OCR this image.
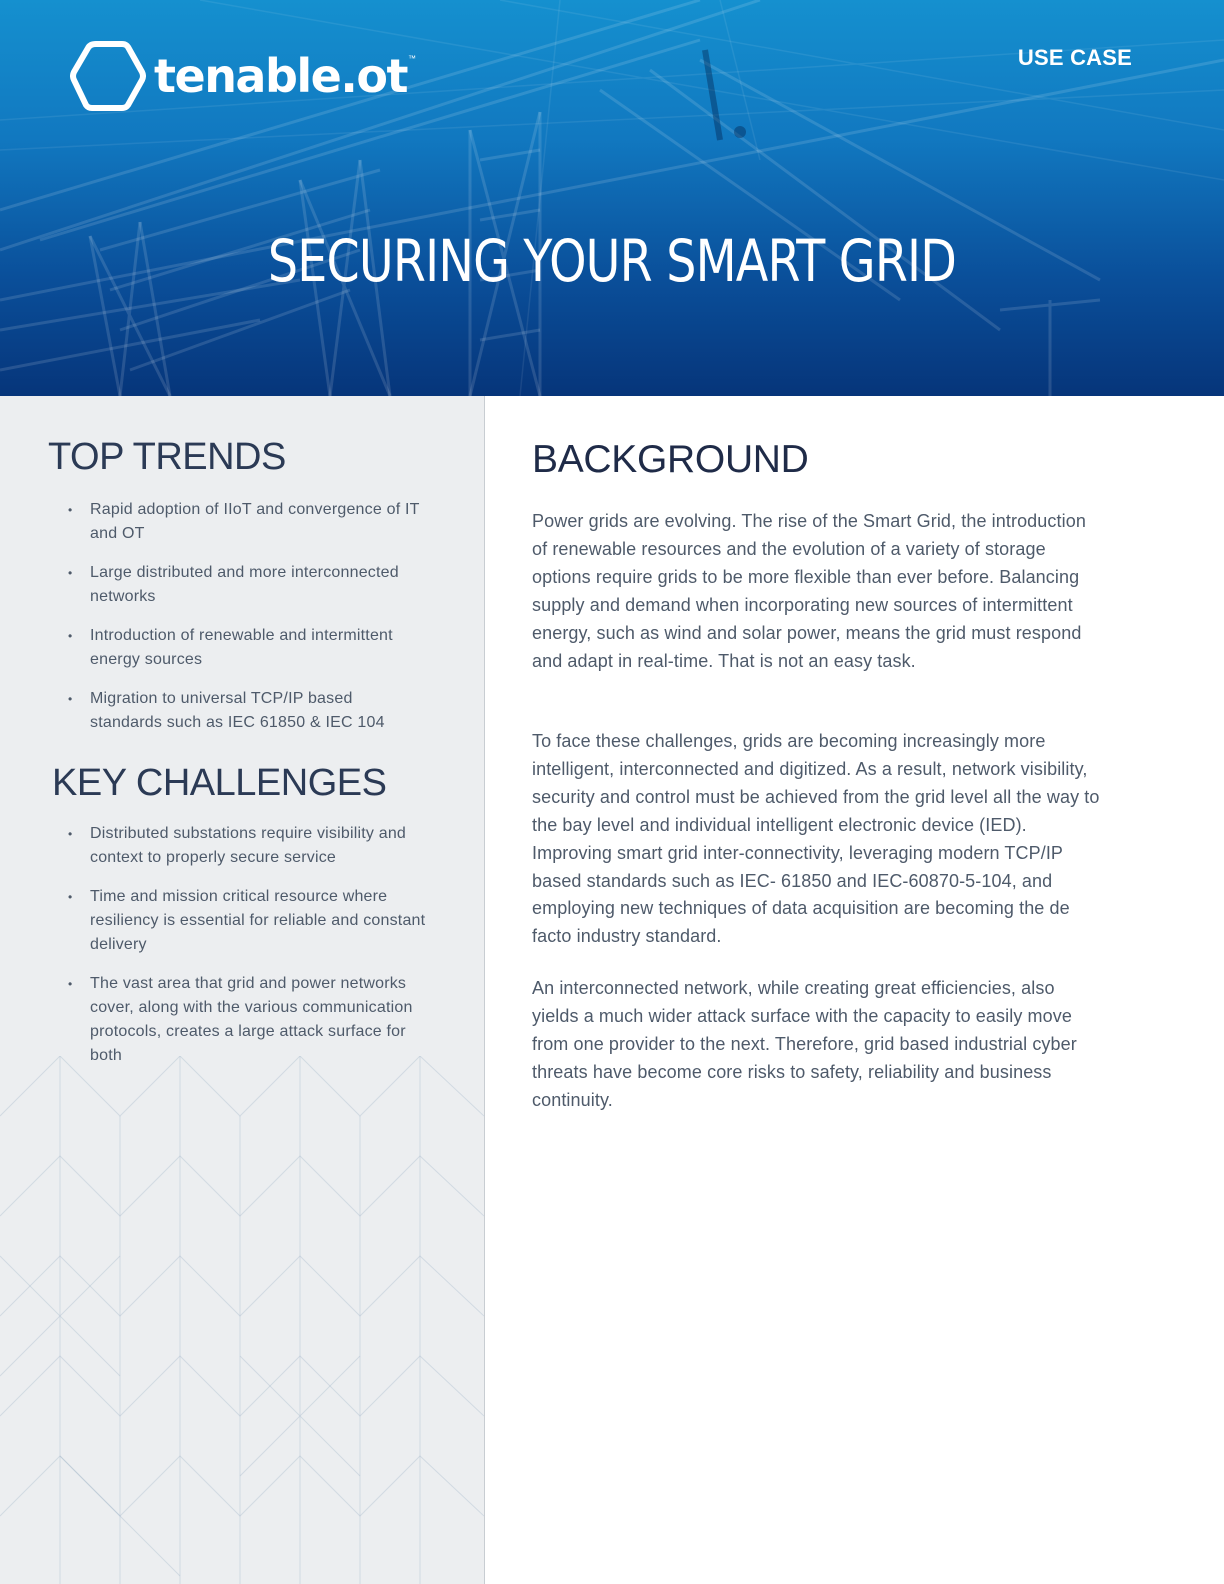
tenable.ot ™	USE CASE
SECURING YOUR SMART GRID
TOP TRENDS
• Rapid adoption of IIoT and convergence of IT and OT
• Large distributed and more interconnected networks
• Introduction of renewable and intermittent energy sources
• Migration to universal TCP/IP based standards such as IEC 61850 & IEC 104
KEY CHALLENGES
• Distributed substations require visibility and context to properly secure service
• Time and mission critical resource where resiliency is essential for reliable and constant delivery
• The vast area that grid and power networks cover, along with the various communication protocols, creates a large attack surface for both
BACKGROUND

Power grids are evolving. The rise of the Smart Grid, the introduction of renewable resources and the evolution of a variety of storage options require grids to be more flexible than ever before. Balancing supply and demand when incorporating new sources of intermittent energy, such as wind and solar power, means the grid must respond and adapt in real-time. That is not an easy task.

To face these challenges, grids are becoming increasingly more intelligent, interconnected and digitized. As a result, network visibility, security and control must be achieved from the grid level all the way to the bay level and individual intelligent electronic device (IED). Improving smart grid inter-connectivity, leveraging modern TCP/IP based standards such as IEC- 61850 and IEC-60870-5-104, and employing new techniques of data acquisition are becoming the de facto industry standard.

An interconnected network, while creating great efficiencies, also yields a much wider attack surface with the capacity to easily move from one provider to the next. Therefore, grid based industrial cyber threats have become core risks to safety, reliability and business continuity.
